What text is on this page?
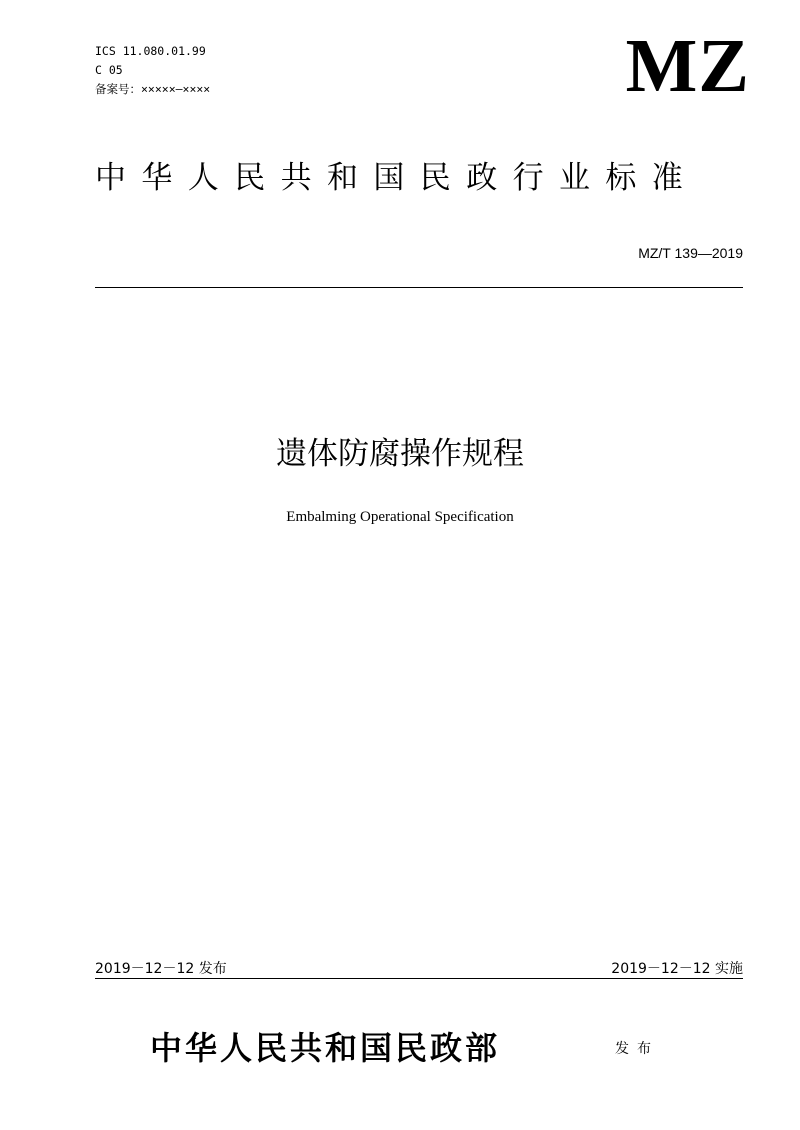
ICS 11.080.01.99
C 05
备案号：×××××—××××	MZ
中华人民共和国民政行业标准
MZ/T 139—2019
遗体防腐操作规程
Embalming Operational Specification
2019－12－12 发布	2019－12－12 实施
中华人民共和国民政部	发布
